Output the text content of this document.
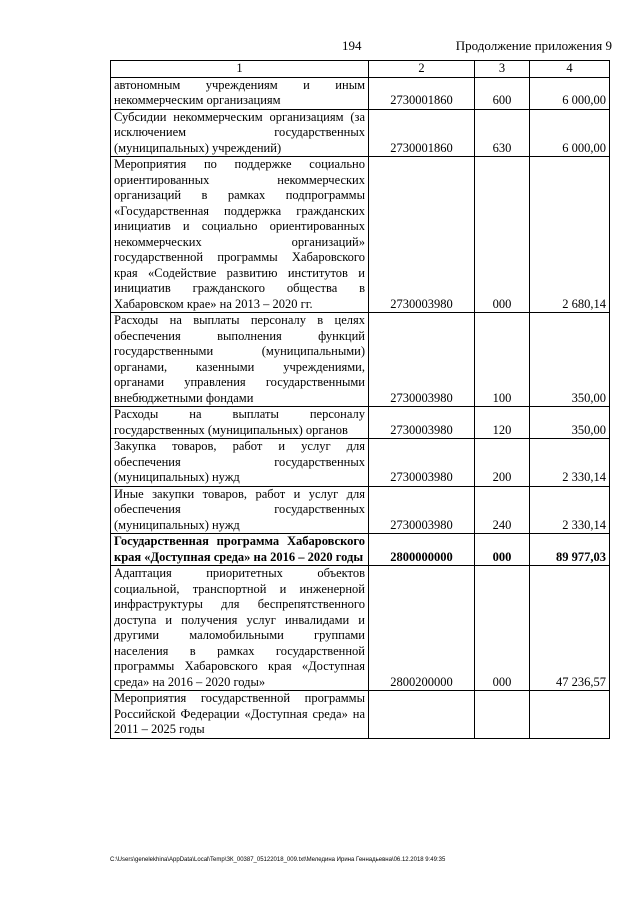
194	Продолжение приложения 9
1	2	3	4
автономным учреждениям и иным некоммерческим организациям	2730001860	600	6 000,00
Субсидии некоммерческим организациям (за исключением государственных (муниципальных) учреждений)	2730001860	630	6 000,00
Мероприятия по поддержке социально ориентированных некоммерческих организаций в рамках подпрограммы «Государственная поддержка гражданских инициатив и социально ориентированных некоммерческих организаций» государственной программы Хабаровского края «Содействие развитию институтов и инициатив гражданского общества в Хабаровском крае» на 2013 – 2020 гг.	2730003980	000	2 680,14
Расходы на выплаты персоналу в целях обеспечения выполнения функций государственными (муниципальными) органами, казенными учреждениями, органами управления государственными внебюджетными фондами	2730003980	100	350,00
Расходы на выплаты персоналу государственных (муниципальных) органов	2730003980	120	350,00
Закупка товаров, работ и услуг для обеспечения государственных (муниципальных) нужд	2730003980	200	2 330,14
Иные закупки товаров, работ и услуг для обеспечения государственных (муниципальных) нужд	2730003980	240	2 330,14
Государственная программа Хабаровского края «Доступная среда» на 2016 – 2020 годы	2800000000	000	89 977,03
Адаптация приоритетных объектов социальной, транспортной и инженерной инфраструктуры для беспрепятственного доступа и получения услуг инвалидами и другими маломобильными группами населения в рамках государственной программы Хабаровского края «Доступная среда» на 2016 – 2020 годы»	2800200000	000	47 236,57
Мероприятия государственной программы Российской Федерации «Доступная среда» на 2011 – 2025 годы			
C:\Users\genelekhina\AppData\Local\Temp\ЗК_00387_05122018_009.txt\Меледина Ирина Геннадьевна\06.12.2018 9:49:35
